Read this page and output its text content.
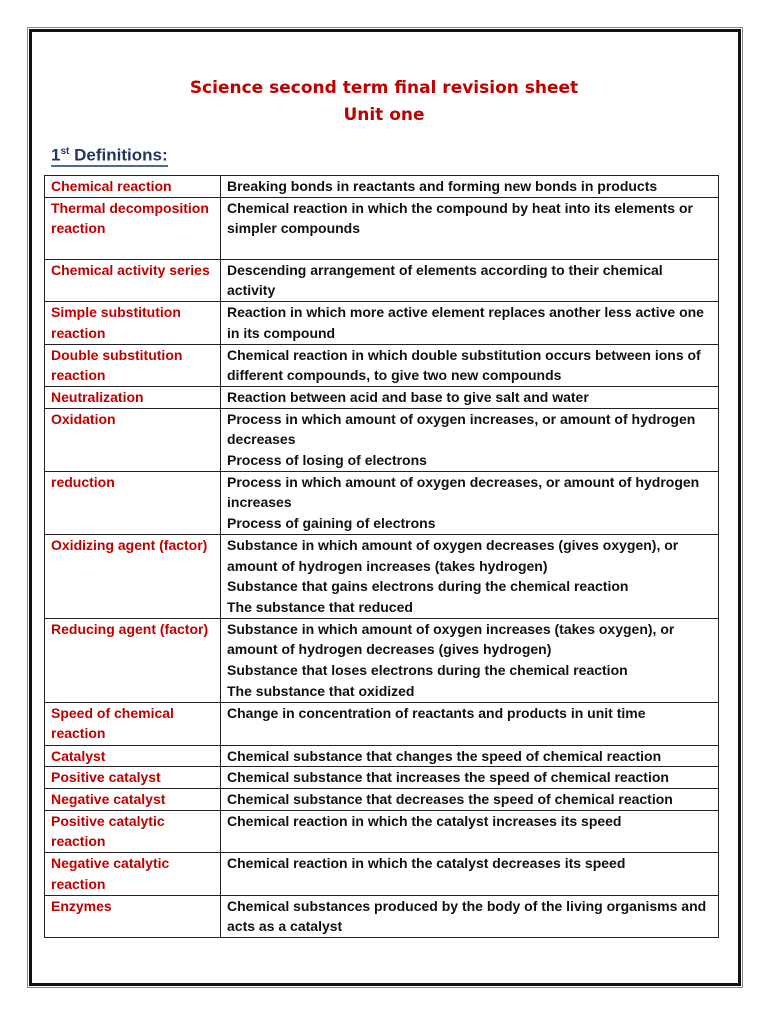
Science second term final revision sheet
Unit one
1st Definitions:
Chemical reaction	Breaking bonds in reactants and forming new bonds in products

Thermal decomposition reaction	Chemical reaction in which the compound by heat into its elements or simpler compounds

Chemical activity series	Descending arrangement of elements according to their chemical activity

Simple substitution reaction	Reaction in which more active element replaces another less active one in its compound

Double substitution reaction	Chemical reaction in which double substitution occurs between ions of different compounds, to give two new compounds

Neutralization	Reaction between acid and base to give salt and water

Oxidation	Process in which amount of oxygen increases, or amount of hydrogen decreases
Process of losing of electrons

reduction	Process in which amount of oxygen decreases, or amount of hydrogen increases
Process of gaining of electrons

Oxidizing agent (factor)	Substance in which amount of oxygen decreases (gives oxygen), or amount of hydrogen increases (takes hydrogen)
Substance that gains electrons during the chemical reaction
The substance that reduced

Reducing agent (factor)	Substance in which amount of oxygen increases (takes oxygen), or amount of hydrogen decreases (gives hydrogen)
Substance that loses electrons during the chemical reaction
The substance that oxidized

Speed of chemical reaction	Change in concentration of reactants and products in unit time

Catalyst	Chemical substance that changes the speed of chemical reaction

Positive catalyst	Chemical substance that increases the speed of chemical reaction

Negative catalyst	Chemical substance that decreases the speed of chemical reaction

Positive catalytic reaction	Chemical reaction in which the catalyst increases its speed

Negative catalytic reaction	Chemical reaction in which the catalyst decreases its speed

Enzymes	Chemical substances produced by the body of the living organisms and acts as a catalyst
